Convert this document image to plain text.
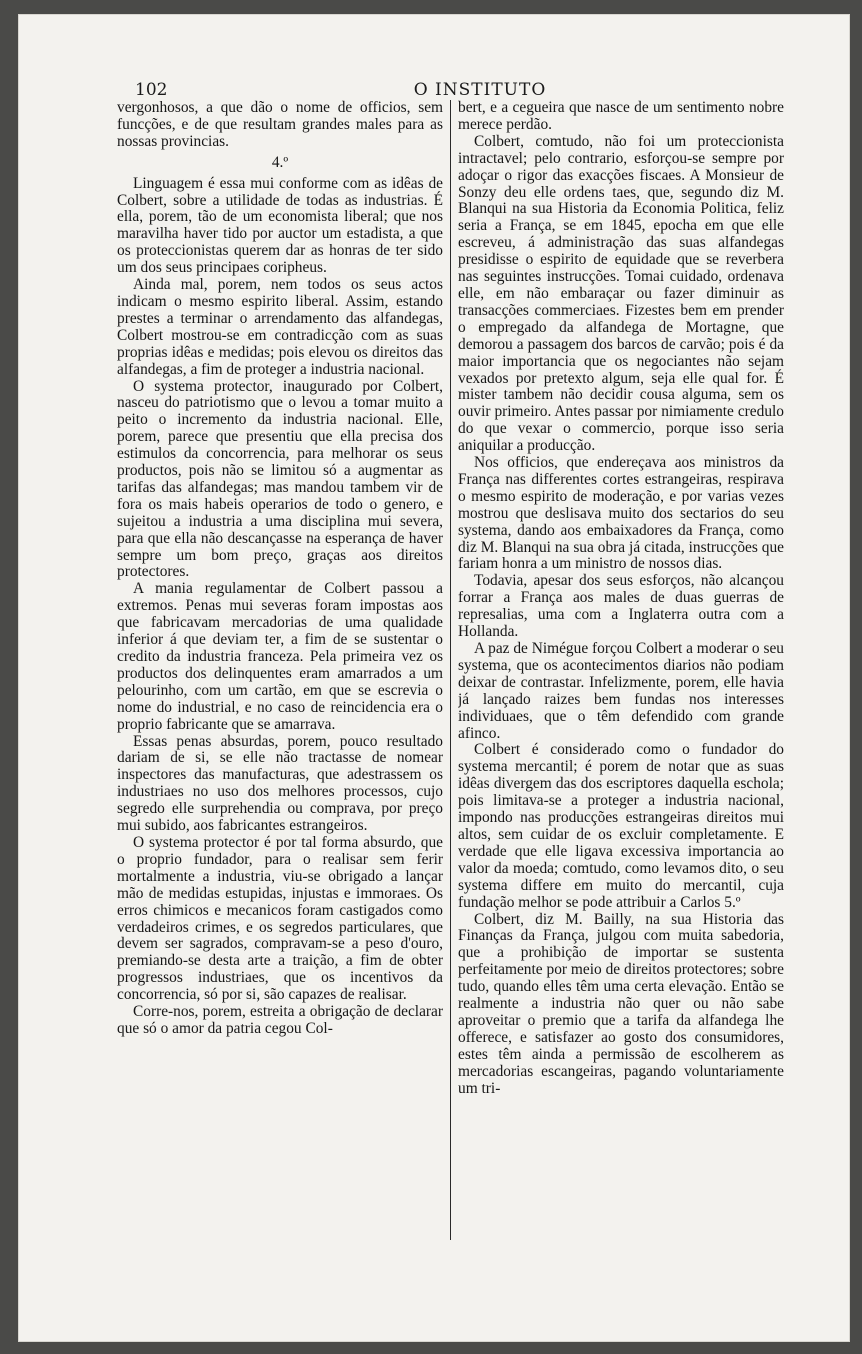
102	O INSTITUTO

vergonhosos, a que dão o nome de officios, sem funcções, e de que resultam grandes males para as nossas provincias.

4.º

Linguagem é essa mui conforme com as idêas de Colbert, sobre a utilidade de todas as industrias. É ella, porem, tão de um economista liberal; que nos maravilha haver tido por auctor um estadista, a que os proteccionistas querem dar as honras de ter sido um dos seus principaes coripheus.

Ainda mal, porem, nem todos os seus actos indicam o mesmo espirito liberal. Assim, estando prestes a terminar o arrendamento das alfandegas, Colbert mostrou-se em contradicção com as suas proprias idêas e medidas; pois elevou os direitos das alfandegas, a fim de proteger a industria nacional.

O systema protector, inaugurado por Colbert, nasceu do patriotismo que o levou a tomar muito a peito o incremento da industria nacional. Elle, porem, parece que presentiu que ella precisa dos estimulos da concorrencia, para melhorar os seus productos, pois não se limitou só a augmentar as tarifas das alfandegas; mas mandou tambem vir de fora os mais habeis operarios de todo o genero, e sujeitou a industria a uma disciplina mui severa, para que ella não descançasse na esperança de haver sempre um bom preço, graças aos direitos protectores.

A mania regulamentar de Colbert passou a extremos. Penas mui severas foram impostas aos que fabricavam mercadorias de uma qualidade inferior á que deviam ter, a fim de se sustentar o credito da industria franceza. Pela primeira vez os productos dos delinquentes eram amarrados a um pelourinho, com um cartão, em que se escrevia o nome do industrial, e no caso de reincidencia era o proprio fabricante que se amarrava.

Essas penas absurdas, porem, pouco resultado dariam de si, se elle não tractasse de nomear inspectores das manufacturas, que adestrassem os industriaes no uso dos melhores processos, cujo segredo elle surprehendia ou comprava, por preço mui subido, aos fabricantes estrangeiros.

O systema protector é por tal forma absurdo, que o proprio fundador, para o realisar sem ferir mortalmente a industria, viu-se obrigado a lançar mão de medidas estupidas, injustas e immoraes. Os erros chimicos e mecanicos foram castigados como verdadeiros crimes, e os segredos particulares, que devem ser sagrados, compravam-se a peso d'ouro, premiando-se desta arte a traição, a fim de obter progressos industriaes, que os incentivos da concorrencia, só por si, são capazes de realisar.

Corre-nos, porem, estreita a obrigação de declarar que só o amor da patria cegou Col-

bert, e a cegueira que nasce de um sentimento nobre merece perdão.

Colbert, comtudo, não foi um proteccionista intractavel; pelo contrario, esforçou-se sempre por adoçar o rigor das exacções fiscaes. A Monsieur de Sonzy deu elle ordens taes, que, segundo diz M. Blanqui na sua Historia da Economia Politica, feliz seria a França, se em 1845, epocha em que elle escreveu, á administração das suas alfandegas presidisse o espirito de equidade que se reverbera nas seguintes instrucções. Tomai cuidado, ordenava elle, em não embaraçar ou fazer diminuir as transacções commerciaes. Fizestes bem em prender o empregado da alfandega de Mortagne, que demorou a passagem dos barcos de carvão; pois é da maior importancia que os negociantes não sejam vexados por pretexto algum, seja elle qual for. É mister tambem não decidir cousa alguma, sem os ouvir primeiro. Antes passar por nimiamente credulo do que vexar o commercio, porque isso seria aniquilar a producção.

Nos officios, que endereçava aos ministros da França nas differentes cortes estrangeiras, respirava o mesmo espirito de moderação, e por varias vezes mostrou que deslisava muito dos sectarios do seu systema, dando aos embaixadores da França, como diz M. Blanqui na sua obra já citada, instrucções que fariam honra a um ministro de nossos dias.

Todavia, apesar dos seus esforços, não alcançou forrar a França aos males de duas guerras de represalias, uma com a Inglaterra outra com a Hollanda.

A paz de Nimégue forçou Colbert a moderar o seu systema, que os acontecimentos diarios não podiam deixar de contrastar. Infelizmente, porem, elle havia já lançado raizes bem fundas nos interesses individuaes, que o têm defendido com grande afinco.

Colbert é considerado como o fundador do systema mercantil; é porem de notar que as suas idêas divergem das dos escriptores daquella eschola; pois limitava-se a proteger a industria nacional, impondo nas producções estrangeiras direitos mui altos, sem cuidar de os excluir completamente. E verdade que elle ligava excessiva importancia ao valor da moeda; comtudo, como levamos dito, o seu systema differe em muito do mercantil, cuja fundação melhor se pode attribuir a Carlos 5.º

Colbert, diz M. Bailly, na sua Historia das Finanças da França, julgou com muita sabedoria, que a prohibição de importar se sustenta perfeitamente por meio de direitos protectores; sobre tudo, quando elles têm uma certa elevação. Então se realmente a industria não quer ou não sabe aproveitar o premio que a tarifa da alfandega lhe offerece, e satisfazer ao gosto dos consumidores, estes têm ainda a permissão de escolherem as mercadorias escangeiras, pagando voluntariamente um tri-
